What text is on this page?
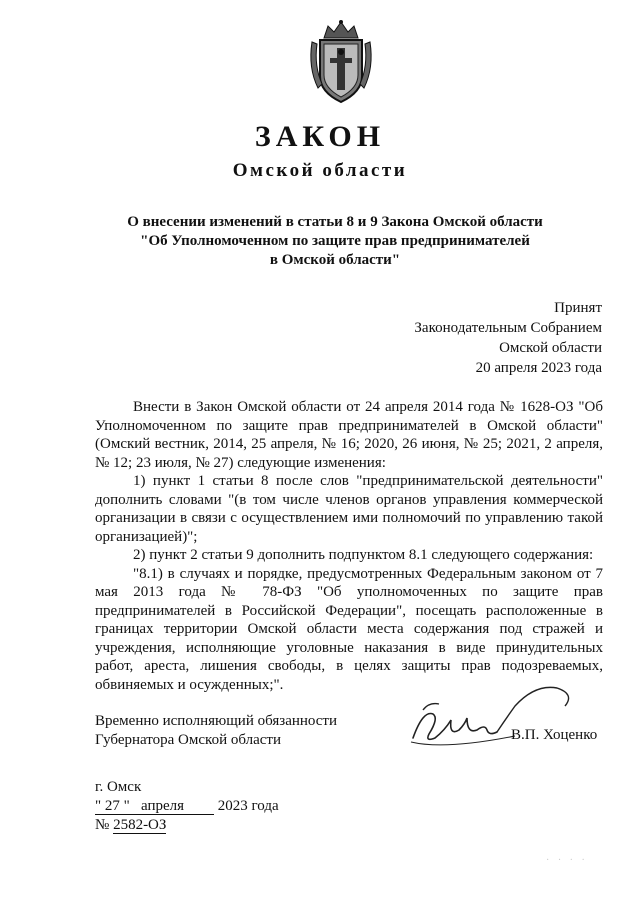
ЗАКОН
Омской области
О внесении изменений в статьи 8 и 9 Закона Омской области
"Об Уполномоченном по защите прав предпринимателей
в Омской области"
Принят
Законодательным Собранием
Омской области
20 апреля 2023 года

Внести в Закон Омской области от 24 апреля 2014 года № 1628-ОЗ "Об Уполномоченном по защите прав предпринимателей в Омской области" (Омский вестник, 2014, 25 апреля, № 16; 2020, 26 июня, № 25; 2021, 2 апреля, № 12; 23 июля, № 27) следующие изменения:

1) пункт 1 статьи 8 после слов "предпринимательской деятельности" дополнить словами "(в том числе членов органов управления коммерческой организации в связи с осуществлением ими полномочий по управлению такой организацией)";

2) пункт 2 статьи 9 дополнить подпунктом 8.1 следующего содержания:

"8.1) в случаях и порядке, предусмотренных Федеральным законом от 7 мая 2013 года № 78-ФЗ "Об уполномоченных по защите прав предпринимателей в Российской Федерации", посещать расположенные в границах территории Омской области места содержания под стражей и учреждения, исполняющие уголовные наказания в виде принудительных работ, ареста, лишения свободы, в целях защиты прав подозреваемых, обвиняемых и осужденных;".

Временно исполняющий обязанности
Губернатора Омской области	В.П. Хоценко
г. Омск
" 27 " апреля 2023 года
№ 2582-ОЗ
· · · ·
